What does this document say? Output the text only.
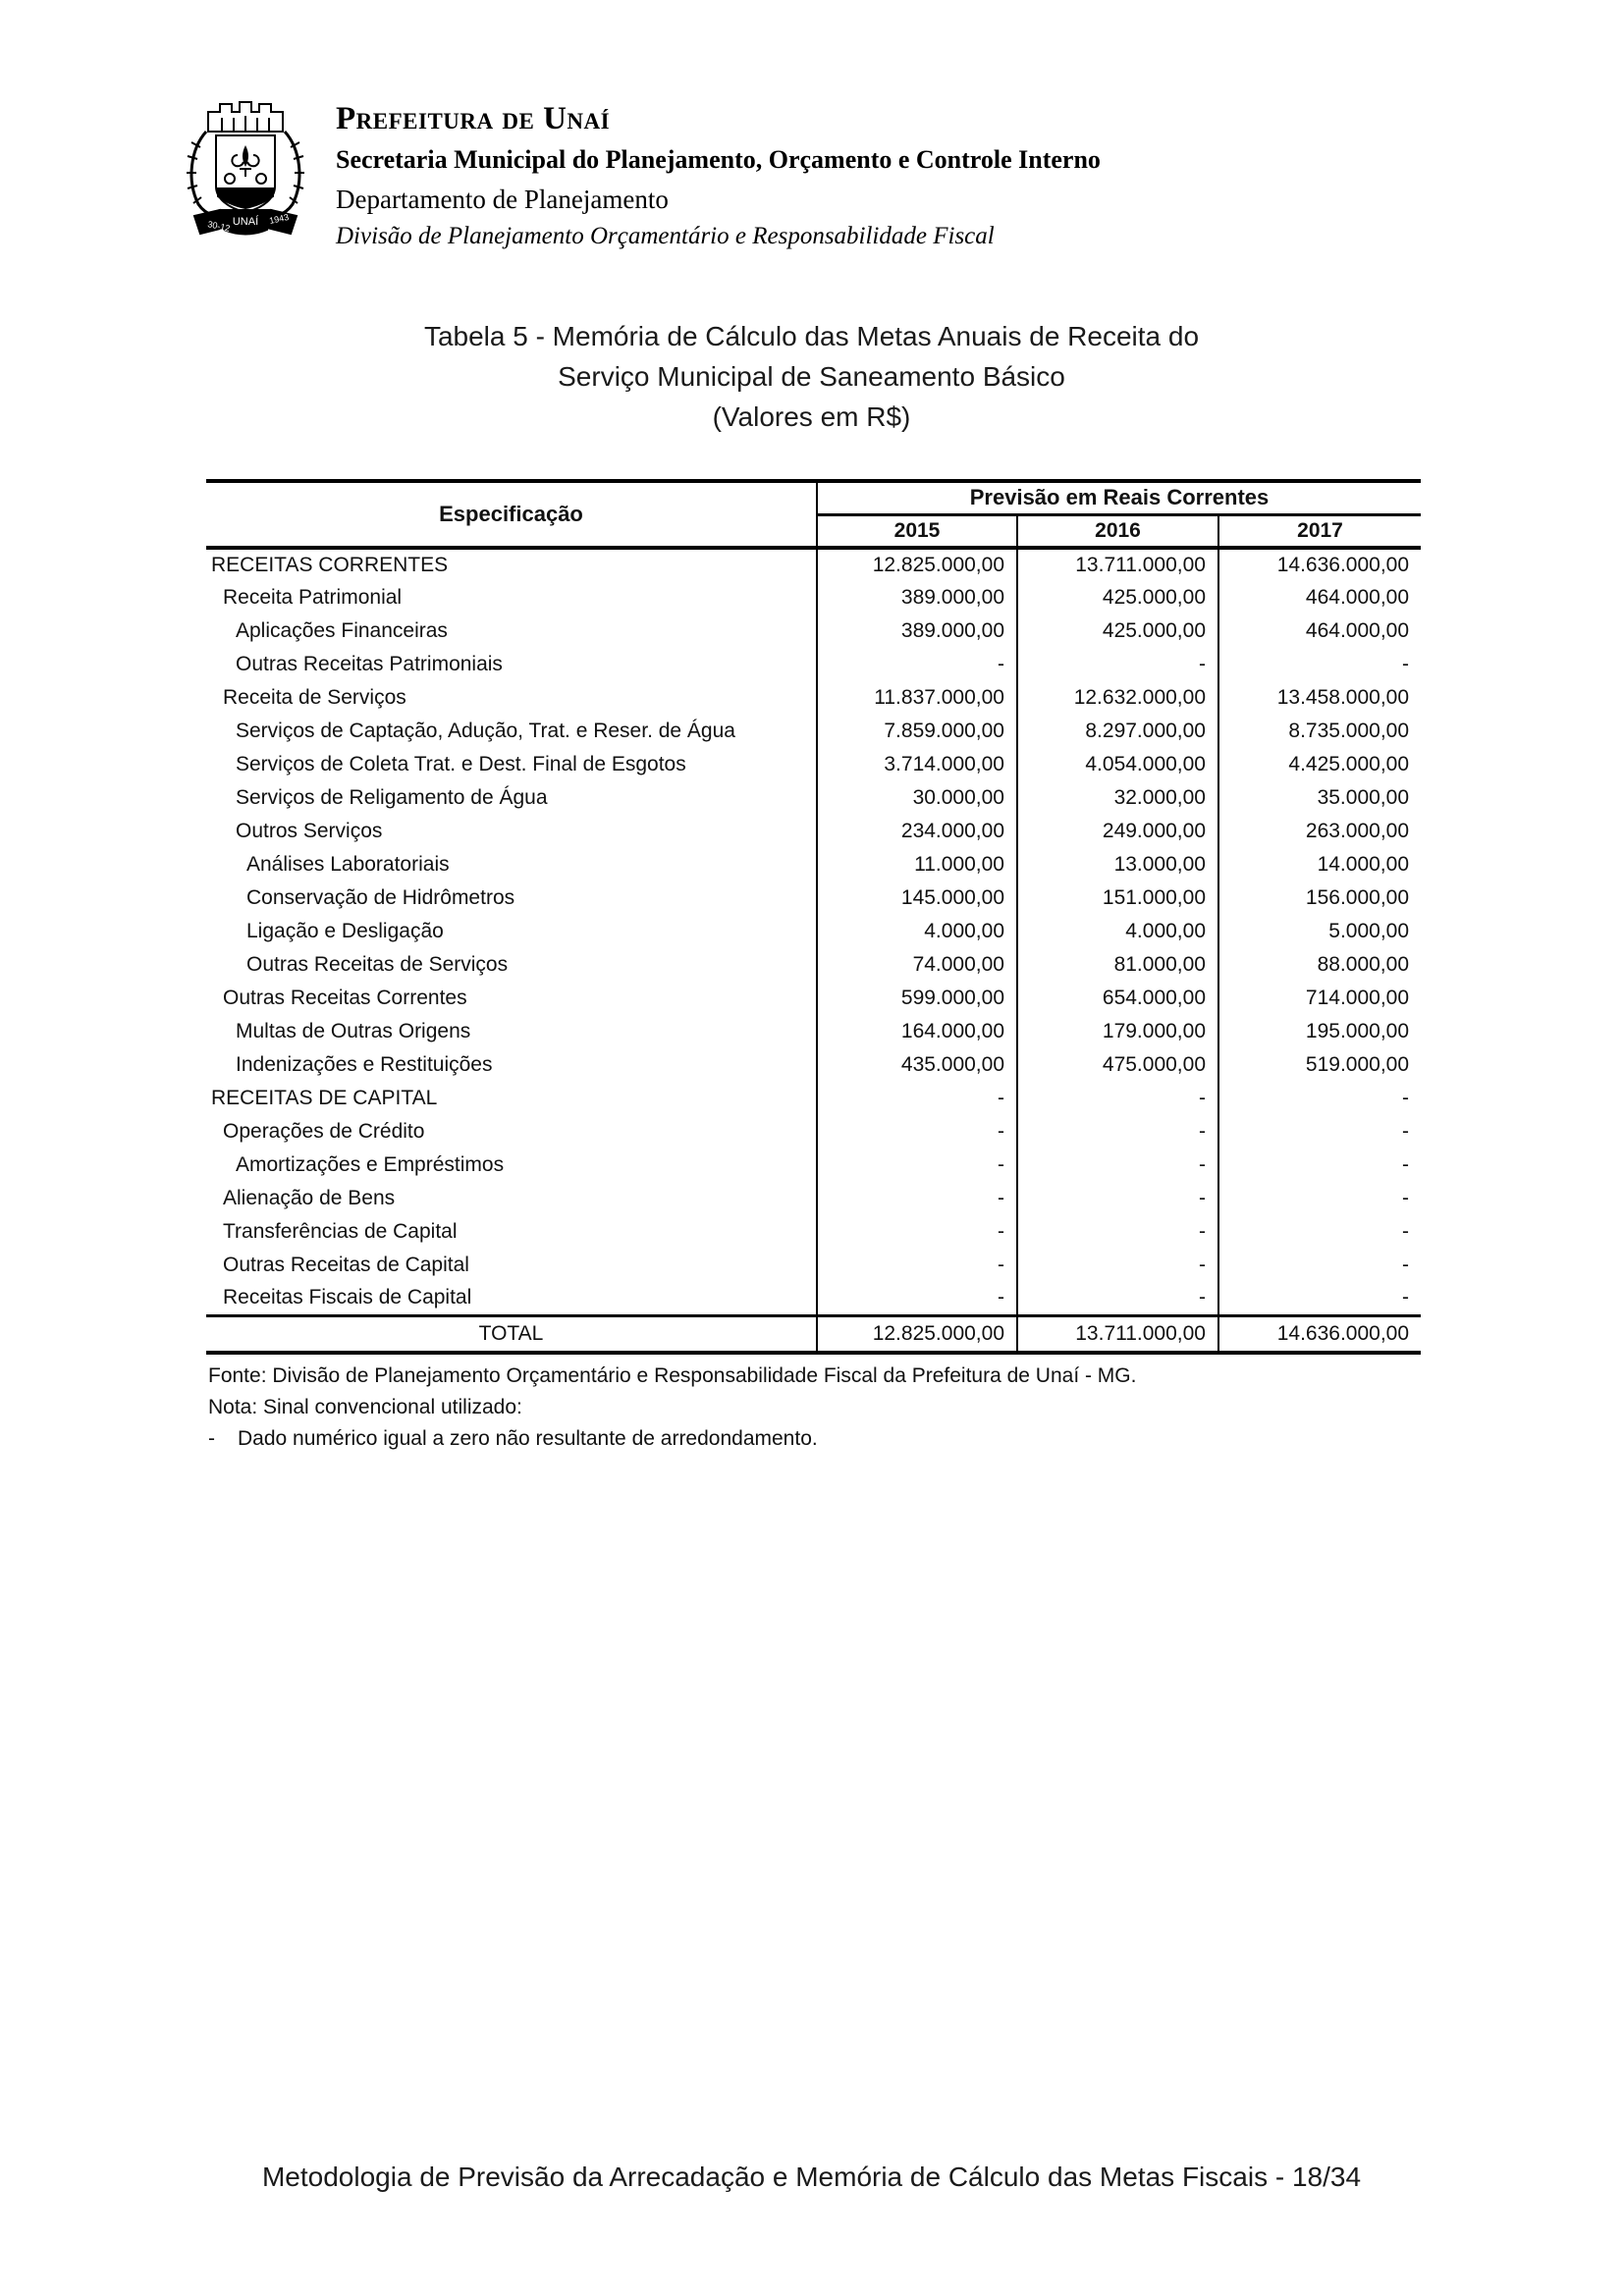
30-12 UNAÍ 1943
Prefeitura de Unaí
Secretaria Municipal do Planejamento, Orçamento e Controle Interno
Departamento de Planejamento
Divisão de Planejamento Orçamentário e Responsabilidade Fiscal
Tabela 5 - Memória de Cálculo das Metas Anuais de Receita do
Serviço Municipal de Saneamento Básico
(Valores em R$)
Especificação	Previsão em Reais Correntes		
	2015	2016	2017
RECEITAS CORRENTES	12.825.000,00	13.711.000,00	14.636.000,00
Receita Patrimonial	389.000,00	425.000,00	464.000,00
Aplicações Financeiras	389.000,00	425.000,00	464.000,00
Outras Receitas Patrimoniais	-	-	-
Receita de Serviços	11.837.000,00	12.632.000,00	13.458.000,00
Serviços de Captação, Adução, Trat. e Reser. de Água	7.859.000,00	8.297.000,00	8.735.000,00
Serviços de Coleta Trat. e Dest. Final de Esgotos	3.714.000,00	4.054.000,00	4.425.000,00
Serviços de Religamento de Água	30.000,00	32.000,00	35.000,00
Outros Serviços	234.000,00	249.000,00	263.000,00
Análises Laboratoriais	11.000,00	13.000,00	14.000,00
Conservação de Hidrômetros	145.000,00	151.000,00	156.000,00
Ligação e Desligação	4.000,00	4.000,00	5.000,00
Outras Receitas de Serviços	74.000,00	81.000,00	88.000,00
Outras Receitas Correntes	599.000,00	654.000,00	714.000,00
Multas de Outras Origens	164.000,00	179.000,00	195.000,00
Indenizações e Restituições	435.000,00	475.000,00	519.000,00
RECEITAS DE CAPITAL	-	-	-
Operações de Crédito	-	-	-
Amortizações e Empréstimos	-	-	-
Alienação de Bens	-	-	-
Transferências de Capital	-	-	-
Outras Receitas de Capital	-	-	-
Receitas Fiscais de Capital	-	-	-
TOTAL	12.825.000,00	13.711.000,00	14.636.000,00
Fonte: Divisão de Planejamento Orçamentário e Responsabilidade Fiscal da Prefeitura de Unaí - MG.
Nota: Sinal convencional utilizado:
-	Dado numérico igual a zero não resultante de arredondamento.
Metodologia de Previsão da Arrecadação e Memória de Cálculo das Metas Fiscais - 18/34
